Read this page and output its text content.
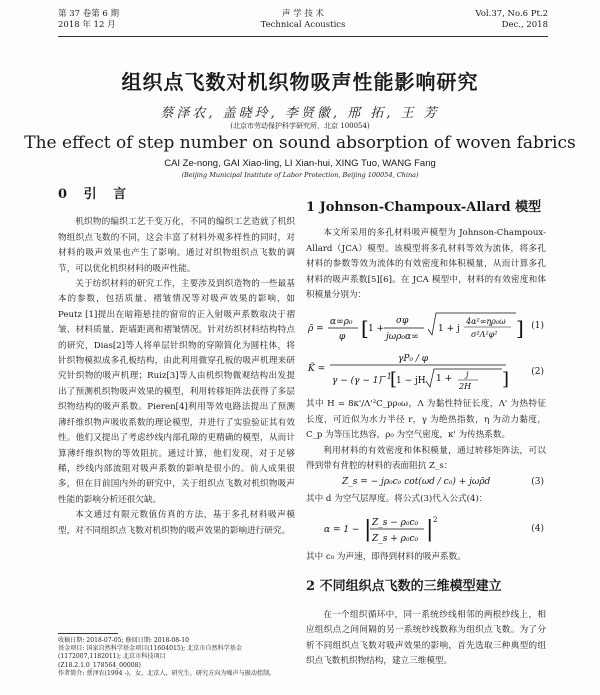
第 37 卷第 6 期
2018 年 12 月
声 学 技 术
Technical Acoustics
Vol.37, No.6 Pt.2
Dec., 2018
组织点飞数对机织物吸声性能影响研究
蔡泽农, 盖晓玲, 李贤徽, 邢 拓, 王 芳
(北京市劳动保护科学研究所，北京 100054)
The effect of step number on sound absorption of woven fabrics
CAI Ze-nong, GAI Xiao-ling, LI Xian-hui, XING Tuo, WANG Fang
(Beijing Municipal Institute of Labor Protection, Beijing 100054, China)
0 引 言

机织物的编织工艺千变万化，不同的编织工艺造就了机织物组织点飞数的不同，这会丰富了材料外观多样性的同时，对材料的吸声效果也产生了影响。通过对织物组织点飞数的调节，可以优化机织材料的吸声性能。

关于纺织材料的研究工作，主要涉及到织造物的一些最基本的参数，包括质量、褶皱情况等对吸声效果的影响，如 Peutz [1]提出在暗箱悬挂的窗帘的正入射吸声系数取决于褶皱、材料质量、距墙距离和褶皱情况。针对纺织材料结构特点的研究，Dias[2]等人将单层针织物的穿隙简化为圆柱体，将针织物模拟成多孔板结构，由此利用微穿孔板的吸声机理来研究针织物的吸声机理；Ruiz[3]等人由机织物微观结构出发提出了预测机织物吸声效果的模型，利用转移矩阵法获得了多层织物结构的吸声系数。Pieren[4]利用等效电路法提出了预测薄纤维织物声吸收系数的理论模型，并进行了实验验证其有效性。他们又提出了考虑纱线内部孔隙的更精确的模型，从而计算薄纤维织物的等效阻抗。通过计算，他们发现，对于足够稀，纱线内部流阻对吸声系数的影响是很小的。前人成果很多，但在目前国内外的研究中，关于组织点飞数对机织物吸声性能的影响分析还很欠缺。

本文通过有限元数值仿真的方法，基于多孔材料吸声模型，对不同组织点飞数对机织物的吸声效果的影响进行研究。

1 Johnson-Champoux-Allard 模型

本文所采用的多孔材料吸声模型为 Johnson-Champoux-Allard（JCA）模型。该模型将多孔材料等效为流体，将多孔材料的参数等效为流体的有效密度和体积模量，从而计算多孔材料的吸声系数[5][6]。在 JCA 模型中，材料的有效密度和体积模量分别为：

ρ̃ =
α∞ρ₀
φ [ 1 +
σφ
jωρ₀α∞
1 + j
4α²∞ηρ₀ω
σ²Λ²φ² ] (1)
K̃ =
γP₀ / φ
γ − (γ − 1)
−1
[
1 − jH 1 + j
2H ] (2)

其中 H = 8κ'/Λ'²C_pρ₀ω，Λ 为黏性特征长度，Λ' 为热特征长度，可近似为水力半径 r，γ 为绝热指数，η 为动力黏度，C_p 为等压比热容，ρ₀ 为空气密度，κ' 为传热系数。

利用材料的有效密度和体积模量，通过转移矩阵法，可以得到带有背腔的材料的表面阻抗 Z_s：

Z_s = − jρ₀c₀ cot(ωd / c₀) + jωρ̃d	(3)

其中 d 为空气层厚度。将公式(3)代入公式(4)：

α = 1 − | Z_s − ρ₀c₀
Z_s + ρ₀c₀ | 2
(4)

其中 c₀ 为声速，即得到材料的吸声系数。

2 不同组织点飞数的三维模型建立

在一个组织循环中，同一系统纱线相邻的两根纱线上，相应组织点之间间隔的另一系统纱线数称为组织点飞数。为了分析不同组织点飞数对吸声效果的影响，首先选取三种典型的组织点飞数机织物结构，建立三维模型。

收稿日期: 2018-07-05; 修回日期: 2018-08-10
基金项目: 国家自然科学基金项目(11604015); 北京市自然科学基金(1172007,1182011); 北京市科技项目
(Z18.2.1.0_178564_00008)
作者简介: 蔡泽农(1994 -)，女，北京人，研究生，研究方向为噪声与振动控制。
